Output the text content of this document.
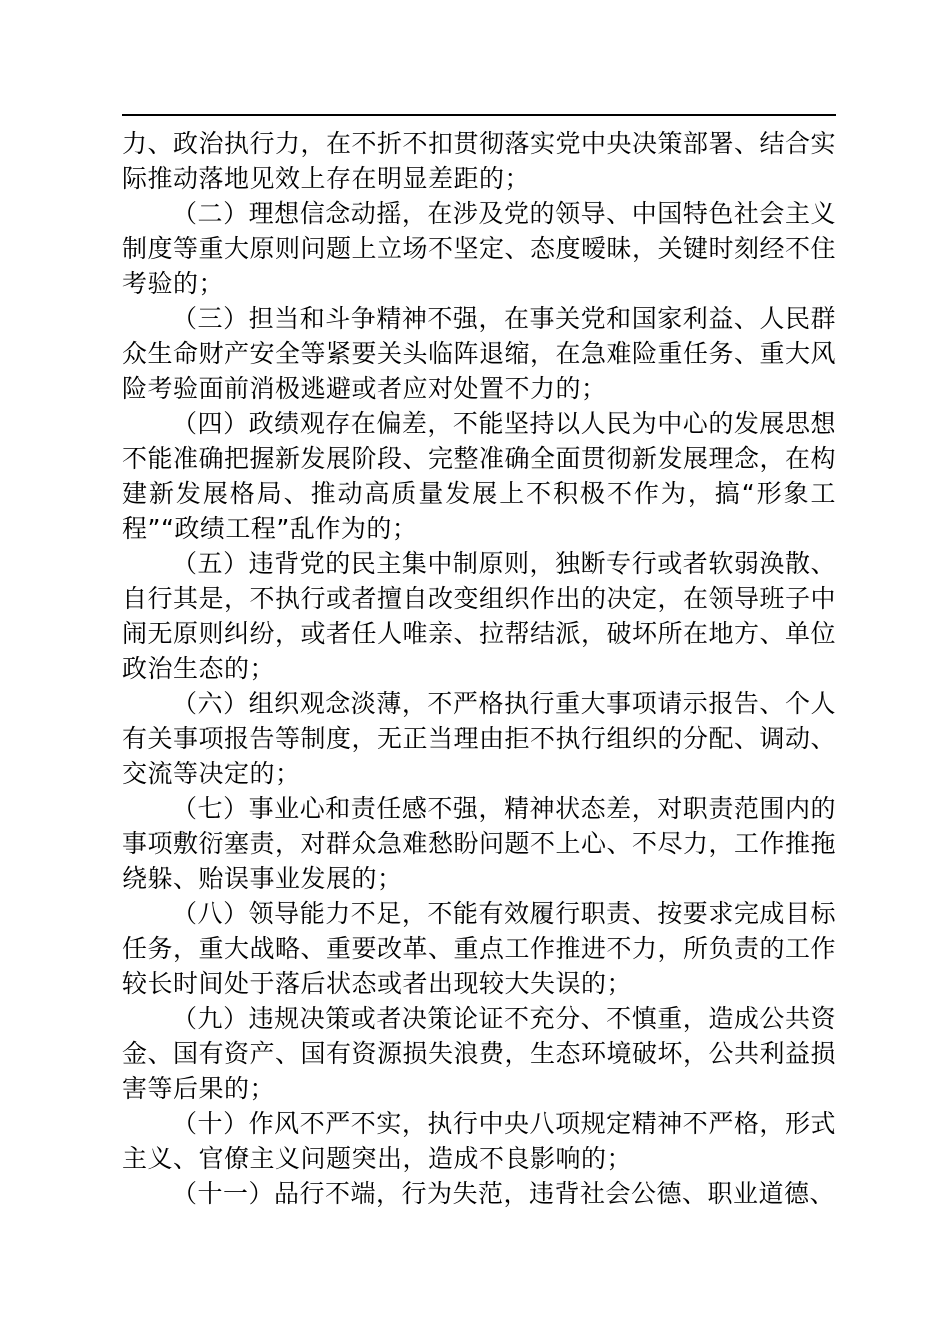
力、政治执行力，在不折不扣贯彻落实党中央决策部署、结合实际推动落地见效上存在明显差距的；

（二）理想信念动摇，在涉及党的领导、中国特色社会主义制度等重大原则问题上立场不坚定、态度暧昧，关键时刻经不住考验的；

（三）担当和斗争精神不强，在事关党和国家利益、人民群众生命财产安全等紧要关头临阵退缩，在急难险重任务、重大风险考验面前消极逃避或者应对处置不力的；

（四）政绩观存在偏差，不能坚持以人民为中心的发展思想不能准确把握新发展阶段、完整准确全面贯彻新发展理念，在构建新发展格局、推动高质量发展上不积极不作为，搞“形象工程”“政绩工程”乱作为的；

（五）违背党的民主集中制原则，独断专行或者软弱涣散、自行其是，不执行或者擅自改变组织作出的决定，在领导班子中闹无原则纠纷，或者任人唯亲、拉帮结派，破坏所在地方、单位政治生态的；

（六）组织观念淡薄，不严格执行重大事项请示报告、个人有关事项报告等制度，无正当理由拒不执行组织的分配、调动、交流等决定的；

（七）事业心和责任感不强，精神状态差，对职责范围内的事项敷衍塞责，对群众急难愁盼问题不上心、不尽力，工作推拖绕躲、贻误事业发展的；

（八）领导能力不足，不能有效履行职责、按要求完成目标任务，重大战略、重要改革、重点工作推进不力，所负责的工作较长时间处于落后状态或者出现较大失误的；

（九）违规决策或者决策论证不充分、不慎重，造成公共资金、国有资产、国有资源损失浪费，生态环境破坏，公共利益损害等后果的；

（十）作风不严不实，执行中央八项规定精神不严格，形式主义、官僚主义问题突出，造成不良影响的；

（十一）品行不端，行为失范，违背社会公德、职业道德、
